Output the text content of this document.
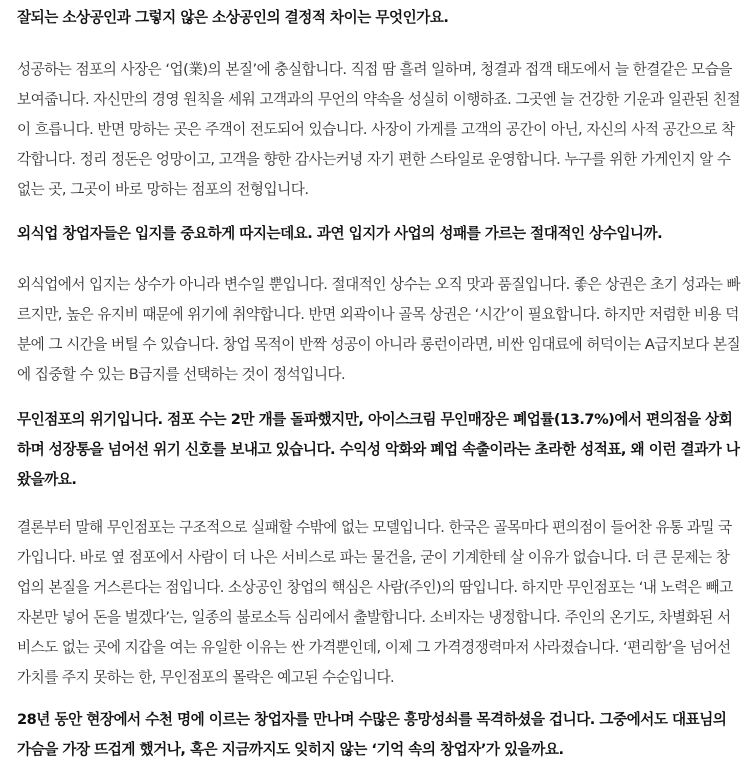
잘되는 소상공인과 그렇지 않은 소상공인의 결정적 차이는 무엇인가요.

성공하는 점포의 사장은 ‘업(業)의 본질’에 충실합니다. 직접 땀 흘려 일하며, 청결과 접객 태도에서 늘 한결같은 모습을 보여줍니다. 자신만의 경영 원칙을 세워 고객과의 무언의 약속을 성실히 이행하죠. 그곳엔 늘 건강한 기운과 일관된 친절이 흐릅니다. 반면 망하는 곳은 주객이 전도되어 있습니다. 사장이 가게를 고객의 공간이 아닌, 자신의 사적 공간으로 착각합니다. 정리 정돈은 엉망이고, 고객을 향한 감사는커녕 자기 편한 스타일로 운영합니다. 누구를 위한 가게인지 알 수 없는 곳, 그곳이 바로 망하는 점포의 전형입니다.

외식업 창업자들은 입지를 중요하게 따지는데요. 과연 입지가 사업의 성패를 가르는 절대적인 상수입니까.

외식업에서 입지는 상수가 아니라 변수일 뿐입니다. 절대적인 상수는 오직 맛과 품질입니다. 좋은 상권은 초기 성과는 빠르지만, 높은 유지비 때문에 위기에 취약합니다. 반면 외곽이나 골목 상권은 ‘시간’이 필요합니다. 하지만 저렴한 비용 덕분에 그 시간을 버틸 수 있습니다. 창업 목적이 반짝 성공이 아니라 롱런이라면, 비싼 임대료에 허덕이는 A급지보다 본질에 집중할 수 있는 B급지를 선택하는 것이 정석입니다.

무인점포의 위기입니다. 점포 수는 2만 개를 돌파했지만, 아이스크림 무인매장은 폐업률(13.7%)에서 편의점을 상회하며 성장통을 넘어선 위기 신호를 보내고 있습니다. 수익성 악화와 폐업 속출이라는 초라한 성적표, 왜 이런 결과가 나왔을까요.

결론부터 말해 무인점포는 구조적으로 실패할 수밖에 없는 모델입니다. 한국은 골목마다 편의점이 들어찬 유통 과밀 국가입니다. 바로 옆 점포에서 사람이 더 나은 서비스로 파는 물건을, 굳이 기계한테 살 이유가 없습니다. 더 큰 문제는 창업의 본질을 거스른다는 점입니다. 소상공인 창업의 핵심은 사람(주인)의 땀입니다. 하지만 무인점포는 ‘내 노력은 빼고 자본만 넣어 돈을 벌겠다’는, 일종의 불로소득 심리에서 출발합니다. 소비자는 냉정합니다. 주인의 온기도, 차별화된 서비스도 없는 곳에 지갑을 여는 유일한 이유는 싼 가격뿐인데, 이제 그 가격경쟁력마저 사라졌습니다. ‘편리함’을 넘어선 가치를 주지 못하는 한, 무인점포의 몰락은 예고된 수순입니다.

28년 동안 현장에서 수천 명에 이르는 창업자를 만나며 수많은 흥망성쇠를 목격하셨을 겁니다. 그중에서도 대표님의 가슴을 가장 뜨겁게 했거나, 혹은 지금까지도 잊히지 않는 ‘기억 속의 창업자’가 있을까요.
